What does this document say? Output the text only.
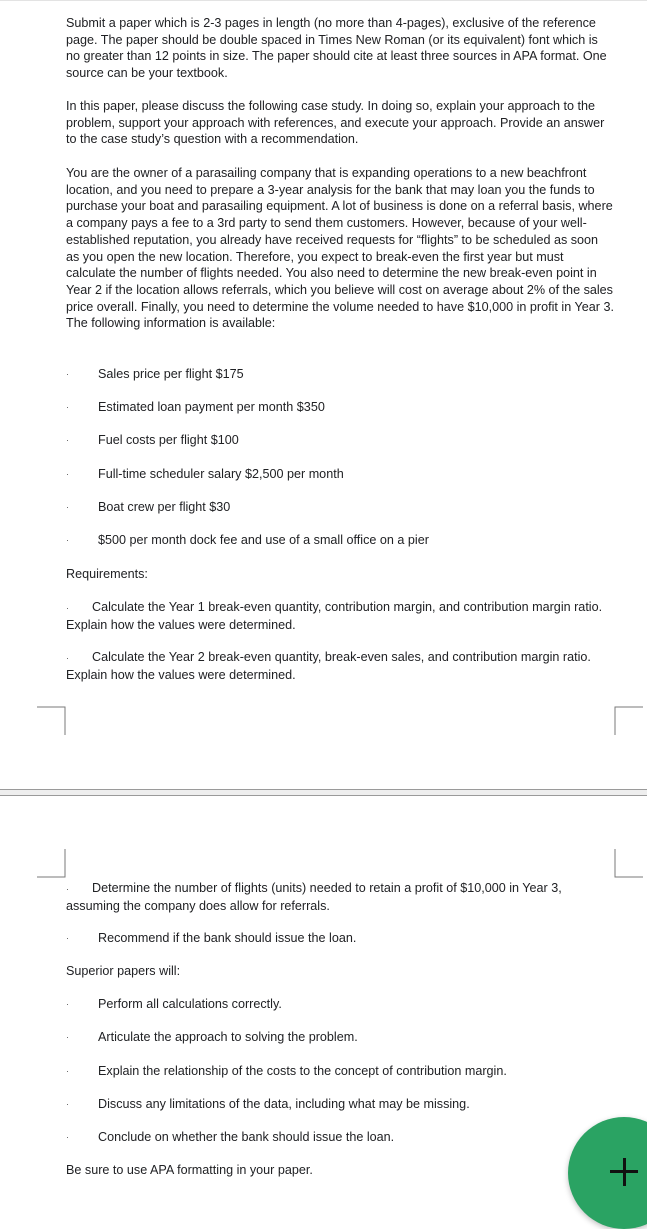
Submit a paper which is 2-3 pages in length (no more than 4-pages), exclusive of the reference page. The paper should be double spaced in Times New Roman (or its equivalent) font which is no greater than 12 points in size. The paper should cite at least three sources in APA format. One source can be your textbook.

In this paper, please discuss the following case study. In doing so, explain your approach to the problem, support your approach with references, and execute your approach. Provide an answer to the case study’s question with a recommendation.

You are the owner of a parasailing company that is expanding operations to a new beachfront location, and you need to prepare a 3-year analysis for the bank that may loan you the funds to purchase your boat and parasailing equipment. A lot of business is done on a referral basis, where a company pays a fee to a 3rd party to send them customers. However, because of your well-established reputation, you already have received requests for “flights” to be scheduled as soon as you open the new location. Therefore, you expect to break-even the first year but must calculate the number of flights needed. You also need to determine the new break-even point in Year 2 if the location allows referrals, which you believe will cost on average about 2% of the sales price overall. Finally, you need to determine the volume needed to have $10,000 in profit in Year 3. The following information is available:

· Sales price per flight $175
· Estimated loan payment per month $350
· Fuel costs per flight $100
· Full-time scheduler salary $2,500 per month
· Boat crew per flight $30
· $500 per month dock fee and use of a small office on a pier
Requirements:

· Calculate the Year 1 break-even quantity, contribution margin, and contribution margin ratio. Explain how the values were determined.

· Calculate the Year 2 break-even quantity, break-even sales, and contribution margin ratio. Explain how the values were determined.

· Determine the number of flights (units) needed to retain a profit of $10,000 in Year 3, assuming the company does allow for referrals.

· Recommend if the bank should issue the loan.
Superior papers will:
· Perform all calculations correctly.
· Articulate the approach to solving the problem.
· Explain the relationship of the costs to the concept of contribution margin.
· Discuss any limitations of the data, including what may be missing.
· Conclude on whether the bank should issue the loan.
Be sure to use APA formatting in your paper.
